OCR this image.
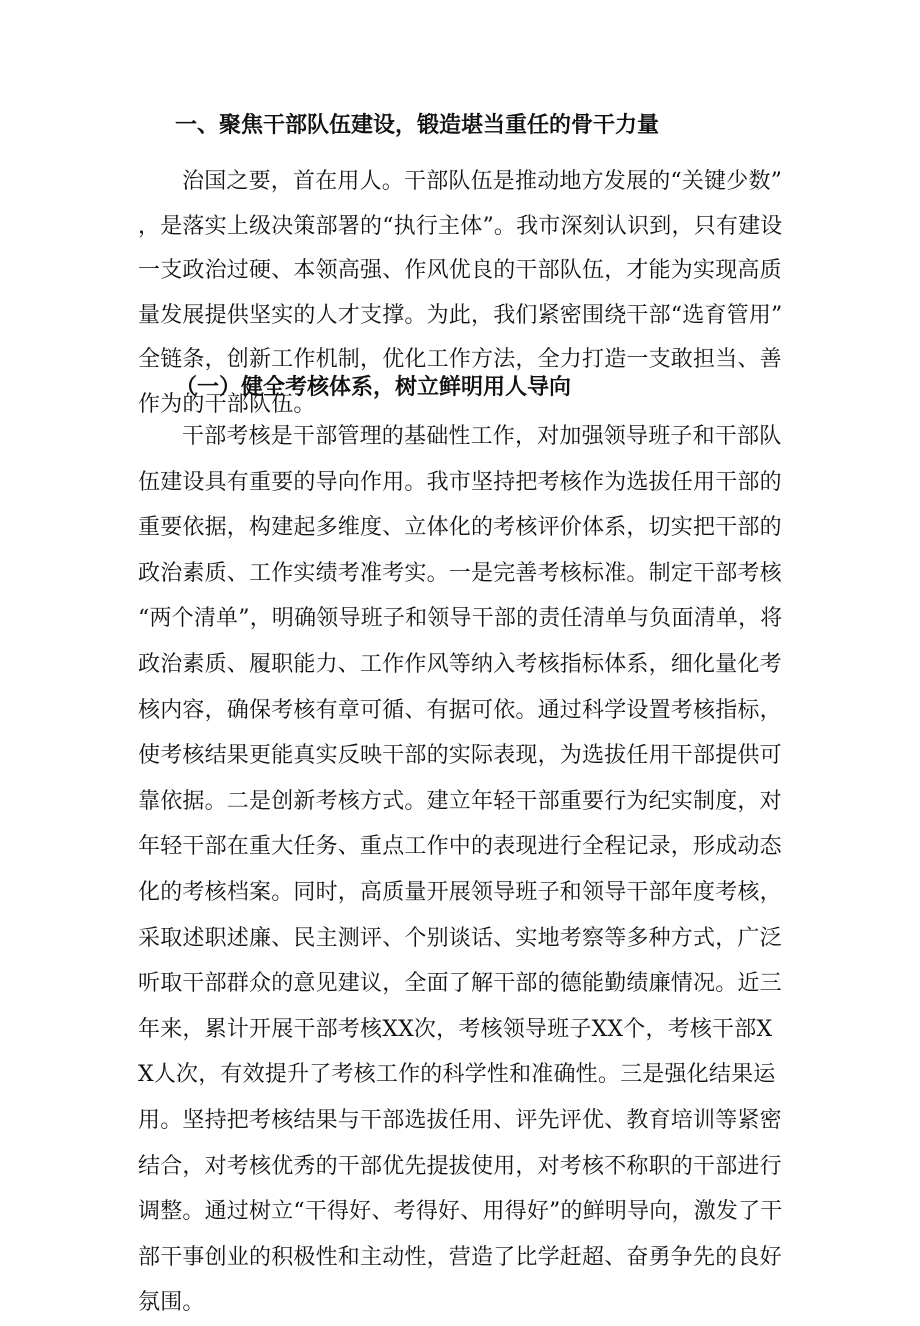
一、聚焦干部队伍建设，锻造堪当重任的骨干力量

治国之要，首在用人。干部队伍是推动地方发展的“关键少数”，是落实上级决策部署的“执行主体”。我市深刻认识到，只有建设一支政治过硬、本领高强、作风优良的干部队伍，才能为实现高质量发展提供坚实的人才支撑。为此，我们紧密围绕干部“选育管用”全链条，创新工作机制，优化工作方法，全力打造一支敢担当、善作为的干部队伍。

（一）健全考核体系，树立鲜明用人导向

干部考核是干部管理的基础性工作，对加强领导班子和干部队伍建设具有重要的导向作用。我市坚持把考核作为选拔任用干部的重要依据，构建起多维度、立体化的考核评价体系，切实把干部的政治素质、工作实绩考准考实。一是完善考核标准。制定干部考核“两个清单”，明确领导班子和领导干部的责任清单与负面清单，将政治素质、履职能力、工作作风等纳入考核指标体系，细化量化考核内容，确保考核有章可循、有据可依。通过科学设置考核指标，使考核结果更能真实反映干部的实际表现，为选拔任用干部提供可靠依据。二是创新考核方式。建立年轻干部重要行为纪实制度，对年轻干部在重大任务、重点工作中的表现进行全程记录，形成动态化的考核档案。同时，高质量开展领导班子和领导干部年度考核，采取述职述廉、民主测评、个别谈话、实地考察等多种方式，广泛听取干部群众的意见建议，全面了解干部的德能勤绩廉情况。近三年来，累计开展干部考核XX次，考核领导班子XX个，考核干部XX人次，有效提升了考核工作的科学性和准确性。三是强化结果运用。坚持把考核结果与干部选拔任用、评先评优、教育培训等紧密结合，对考核优秀的干部优先提拔使用，对考核不称职的干部进行调整。通过树立“干得好、考得好、用得好”的鲜明导向，激发了干部干事创业的积极性和主动性，营造了比学赶超、奋勇争先的良好氛围。
